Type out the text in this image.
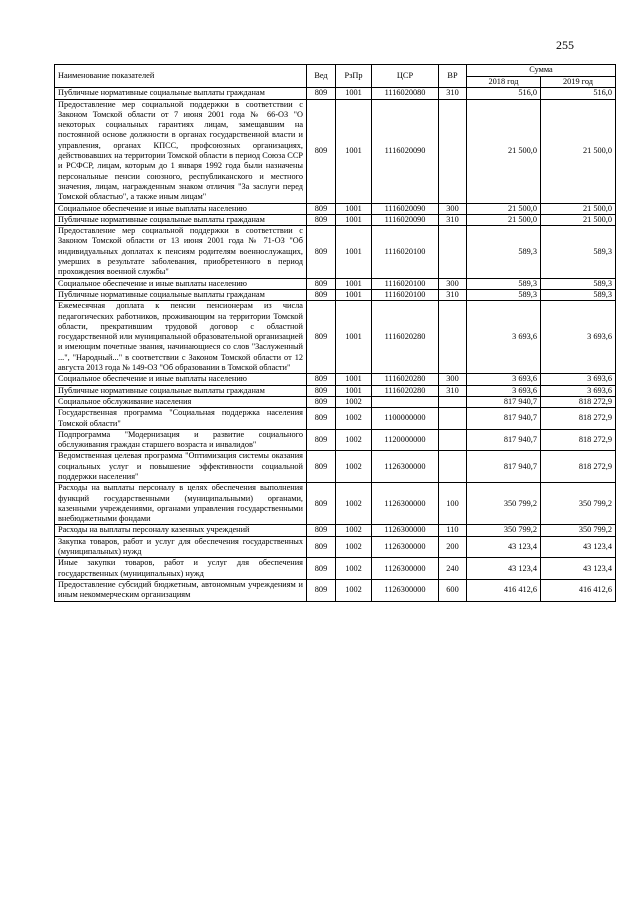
255
Наименование показателей	Вед	РзПр	ЦСР	ВР	Сумма	
					2018 год	2019 год
Публичные нормативные социальные выплаты гражданам	809	1001	1116020080	310	516,0	516,0
Предоставление мер социальной поддержки в соответствии с Законом Томской области от 7 июня 2001 года № 66-ОЗ "О некоторых социальных гарантиях лицам, замещавшим на постоянной основе должности в органах государственной власти и управления, органах КПСС, профсоюзных организациях, действовавших на территории Томской области в период Союза ССР и РСФСР, лицам, которым до 1 января 1992 года были назначены персональные пенсии союзного, республиканского и местного значения, лицам, награжденным знаком отличия "За заслуги перед Томской областью", а также иным лицам"	809	1001	1116020090		21 500,0	21 500,0
Социальное обеспечение и иные выплаты населению	809	1001	1116020090	300	21 500,0	21 500,0
Публичные нормативные социальные выплаты гражданам	809	1001	1116020090	310	21 500,0	21 500,0
Предоставление мер социальной поддержки в соответствии с Законом Томской области от 13 июня 2001 года № 71-ОЗ "Об индивидуальных доплатах к пенсиям родителям военнослужащих, умерших в результате заболевания, приобретенного в период прохождения военной службы"	809	1001	1116020100		589,3	589,3
Социальное обеспечение и иные выплаты населению	809	1001	1116020100	300	589,3	589,3
Публичные нормативные социальные выплаты гражданам	809	1001	1116020100	310	589,3	589,3
Ежемесячная доплата к пенсии пенсионерам из числа педагогических работников, проживающим на территории Томской области, прекратившим трудовой договор с областной государственной или муниципальной образовательной организацией и имеющим почетные звания, начинающиеся со слов "Заслуженный ...", "Народный..." в соответствии с Законом Томской области от 12 августа 2013 года № 149-ОЗ "Об образовании в Томской области"	809	1001	1116020280		3 693,6	3 693,6
Социальное обеспечение и иные выплаты населению	809	1001	1116020280	300	3 693,6	3 693,6
Публичные нормативные социальные выплаты гражданам	809	1001	1116020280	310	3 693,6	3 693,6
Социальное обслуживание населения	809	1002			817 940,7	818 272,9
Государственная программа "Социальная поддержка населения Томской области"	809	1002	1100000000		817 940,7	818 272,9
Подпрограмма "Модернизация и развитие социального обслуживания граждан старшего возраста и инвалидов"	809	1002	1120000000		817 940,7	818 272,9
Ведомственная целевая программа "Оптимизация системы оказания социальных услуг и повышение эффективности социальной поддержки населения"	809	1002	1126300000		817 940,7	818 272,9
Расходы на выплаты персоналу в целях обеспечения выполнения функций государственными (муниципальными) органами, казенными учреждениями, органами управления государственными внебюджетными фондами	809	1002	1126300000	100	350 799,2	350 799,2
Расходы на выплаты персоналу казенных учреждений	809	1002	1126300000	110	350 799,2	350 799,2
Закупка товаров, работ и услуг для обеспечения государственных (муниципальных) нужд	809	1002	1126300000	200	43 123,4	43 123,4
Иные закупки товаров, работ и услуг для обеспечения государственных (муниципальных) нужд	809	1002	1126300000	240	43 123,4	43 123,4
Предоставление субсидий бюджетным, автономным учреждениям и иным некоммерческим организациям	809	1002	1126300000	600	416 412,6	416 412,6
